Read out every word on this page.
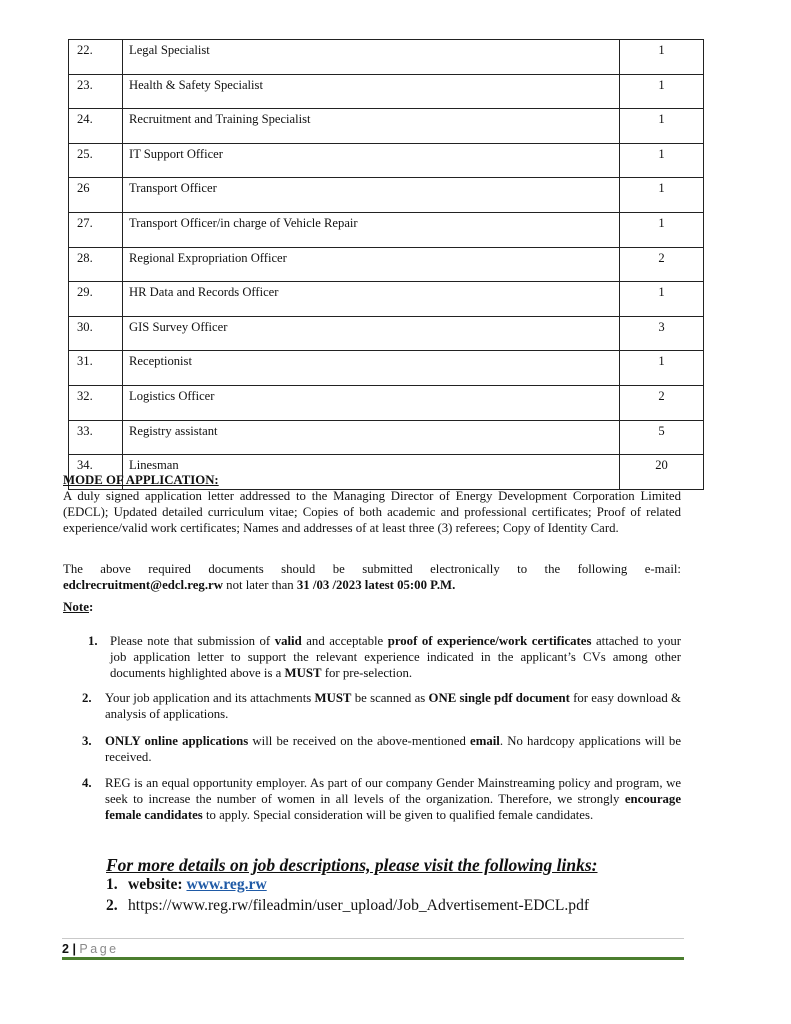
22.	Legal Specialist	1
23.	Health & Safety Specialist	1
24.	Recruitment and Training Specialist	1
25.	IT Support Officer	1
26	Transport Officer	1
27.	Transport Officer/in charge of Vehicle Repair	1
28.	Regional Expropriation Officer	2
29.	HR Data and Records Officer	1
30.	GIS Survey Officer	3
31.	Receptionist	1
32.	Logistics Officer	2
33.	Registry assistant	5
34.	Linesman	20
MODE OF APPLICATION:
A duly signed application letter addressed to the Managing Director of Energy Development Corporation Limited (EDCL); Updated detailed curriculum vitae; Copies of both academic and professional certificates; Proof of related experience/valid work certificates; Names and addresses of at least three (3) referees; Copy of Identity Card.
The above required documents should be submitted electronically to the following e-mail: edclrecruitment@edcl.reg.rw not later than 31 /03 /2023 latest 05:00 P.M.
Note:
1. Please note that submission of valid and acceptable proof of experience/work certificates attached to your job application letter to support the relevant experience indicated in the applicant’s CVs among other documents highlighted above is a MUST for pre-selection.
2. Your job application and its attachments MUST be scanned as ONE single pdf document for easy download & analysis of applications.
3. ONLY online applications will be received on the above-mentioned email. No hardcopy applications will be received.
4. REG is an equal opportunity employer. As part of our company Gender Mainstreaming policy and program, we seek to increase the number of women in all levels of the organization. Therefore, we strongly encourage female candidates to apply. Special consideration will be given to qualified female candidates.
For more details on job descriptions, please visit the following links:
1. website: www.reg.rw
2. https://www.reg.rw/fileadmin/user_upload/Job_Advertisement-EDCL.pdf
2 | Page
